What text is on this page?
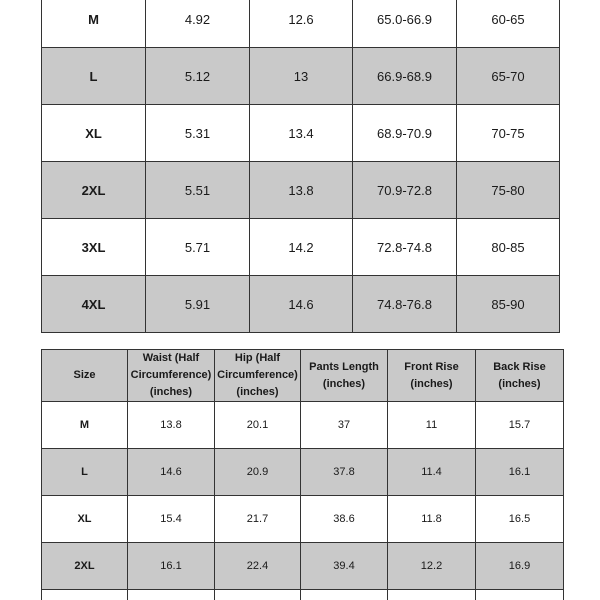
M	4.92	12.6	65.0-66.9	60-65
L	5.12	13	66.9-68.9	65-70
XL	5.31	13.4	68.9-70.9	70-75
2XL	5.51	13.8	70.9-72.8	75-80
3XL	5.71	14.2	72.8-74.8	80-85
4XL	5.91	14.6	74.8-76.8	85-90
Size	Waist (Half Circumference) (inches)	Hip (Half Circumference) (inches)	Pants Length (inches)	Front Rise (inches)	Back Rise (inches)
M	13.8	20.1	37	11	15.7
L	14.6	20.9	37.8	11.4	16.1
XL	15.4	21.7	38.6	11.8	16.5
2XL	16.1	22.4	39.4	12.2	16.9
